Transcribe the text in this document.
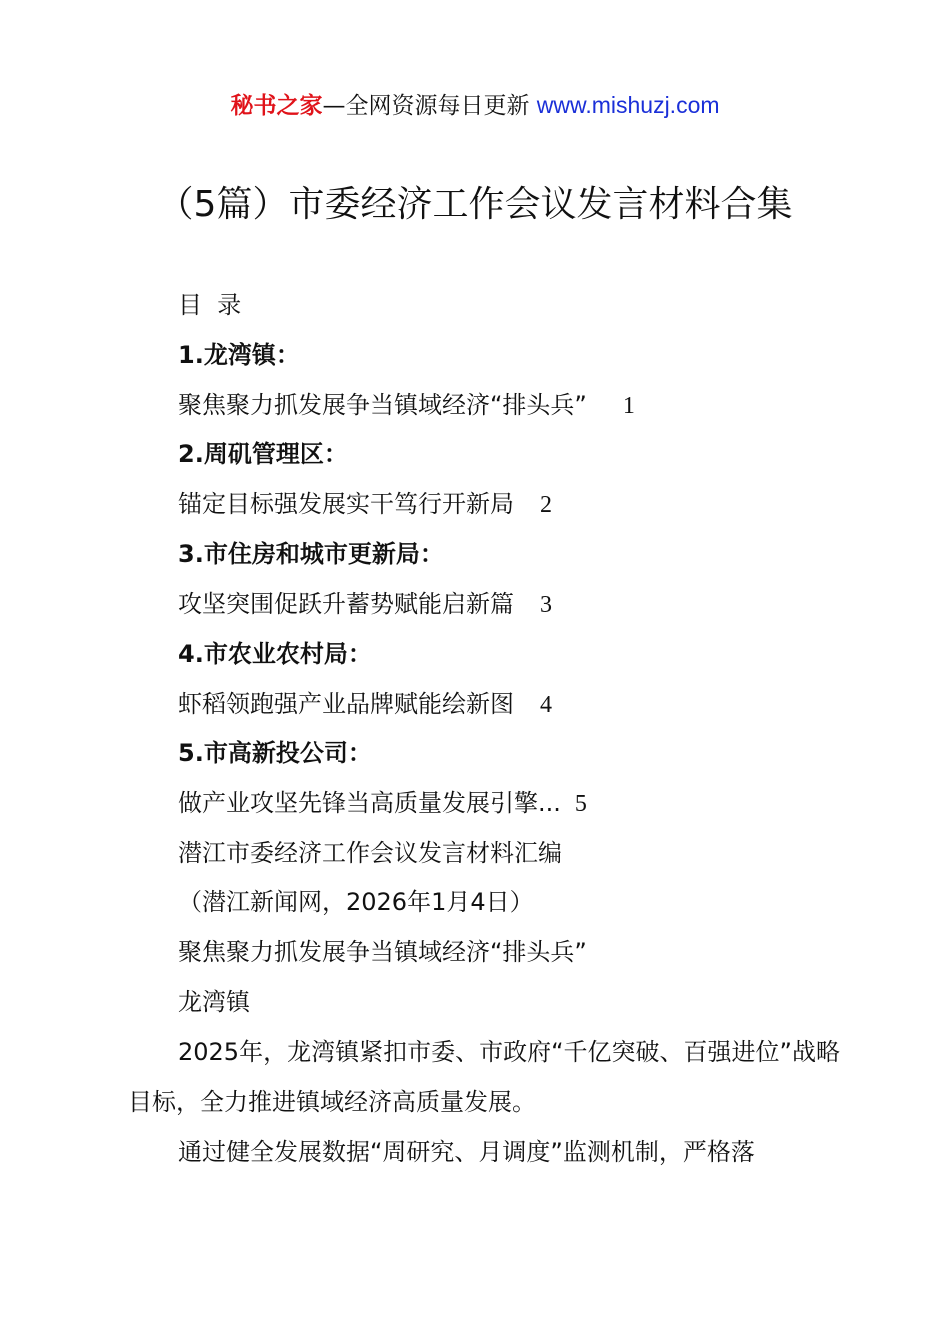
秘书之家—全网资源每日更新 www.mishuzj.com
（5篇）市委经济工作会议发言材料合集
目  录
1.龙湾镇：
聚焦聚力抓发展争当镇域经济“排头兵” 1
2.周矶管理区：
锚定目标强发展实干笃行开新局 2
3.市住房和城市更新局：
攻坚突围促跃升蓄势赋能启新篇 3
4.市农业农村局：
虾稻领跑强产业品牌赋能绘新图 4
5.市高新投公司：
做产业攻坚先锋当高质量发展引擎... 5
潜江市委经济工作会议发言材料汇编
（潜江新闻网，2026年1月4日）
聚焦聚力抓发展争当镇域经济“排头兵”
龙湾镇
2025年，龙湾镇紧扣市委、市政府“千亿突破、百强进位”战略目标，全力推进镇域经济高质量发展。
通过健全发展数据“周研究、月调度”监测机制，严格落
